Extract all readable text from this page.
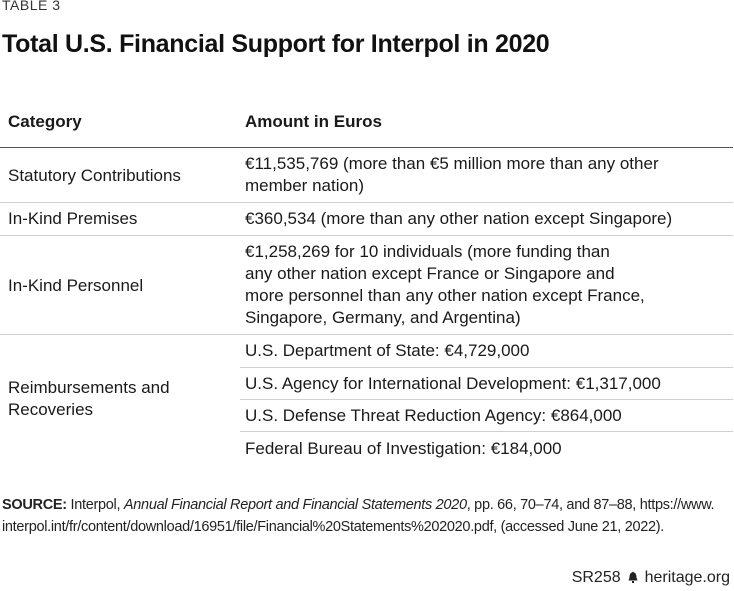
TABLE 3
Total U.S. Financial Support for Interpol in 2020
Category	Amount in Euros
Statutory Contributions
€11,535,769 (more than €5 million more than any other
member nation)
In-Kind Premises	€360,534 (more than any other nation except Singapore)
In-Kind Personnel
€1,258,269 for 10 individuals (more funding than
any other nation except France or Singapore and
more personnel than any other nation except France,
Singapore, Germany, and Argentina)
Reimbursements and
Recoveries
U.S. Department of State: €4,729,000
U.S. Agency for International Development: €1,317,000
U.S. Defense Threat Reduction Agency: €864,000
Federal Bureau of Investigation: €184,000
SOURCE: Interpol, Annual Financial Report and Financial Statements 2020, pp. 66, 70–74, and 87–88, https://www.
interpol.int/fr/content/download/16951/file/Financial%20Statements%202020.pdf, (accessed June 21, 2022).
SR258 heritage.org
